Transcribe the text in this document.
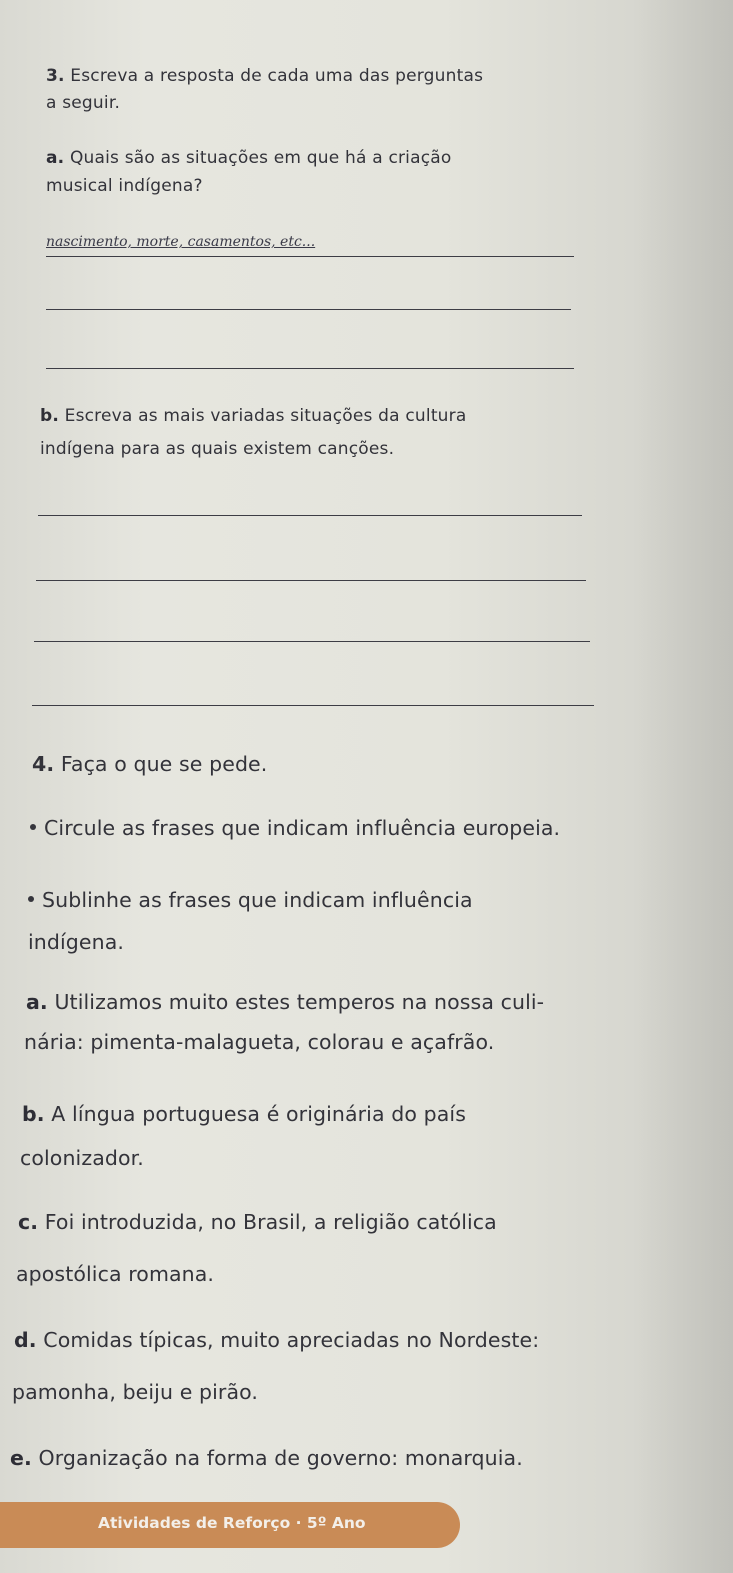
3. Escreva a resposta de cada uma das perguntas
a seguir.
a. Quais são as situações em que há a criação
musical indígena?
nascimento, morte, casamentos, etc...
b. Escreva as mais variadas situações da cultura
indígena para as quais existem canções.
4. Faça o que se pede.
Circule as frases que indicam influência europeia.
Sublinhe as frases que indicam influência
indígena.
a. Utilizamos muito estes temperos na nossa culi-
nária: pimenta-malagueta, colorau e açafrão.
b. A língua portuguesa é originária do país
colonizador.
c. Foi introduzida, no Brasil, a religião católica
apostólica romana.
d. Comidas típicas, muito apreciadas no Nordeste:
pamonha, beiju e pirão.
e. Organização na forma de governo: monarquia.
Atividades de Reforço · 5º Ano
